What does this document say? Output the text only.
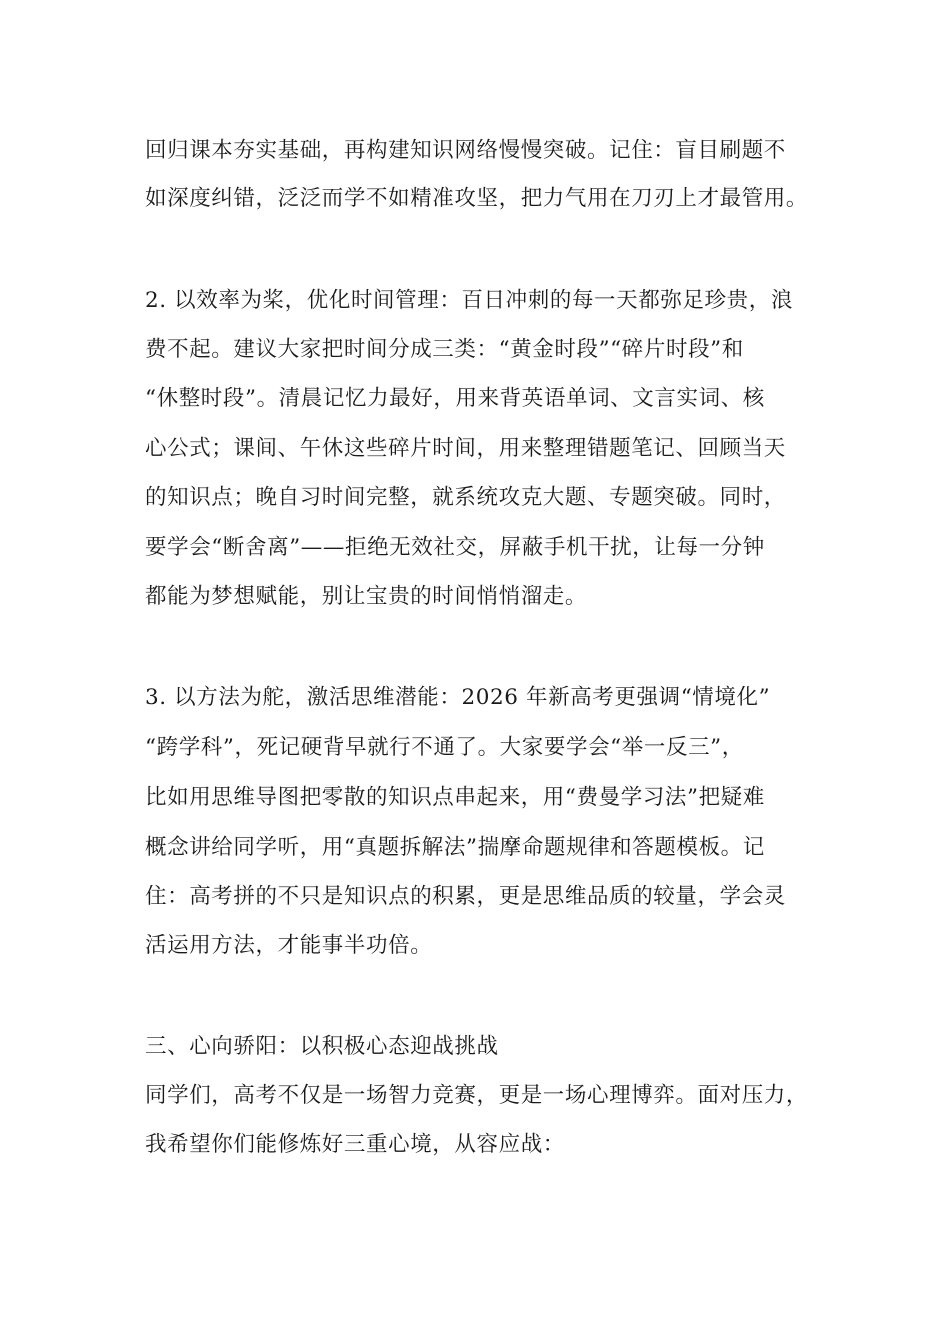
回归课本夯实基础，再构建知识网络慢慢突破。记住：盲目刷题不

如深度纠错，泛泛而学不如精准攻坚，把力气用在刀刃上才最管用。

2. 以效率为桨，优化时间管理：百日冲刺的每一天都弥足珍贵，浪

费不起。建议大家把时间分成三类：“黄金时段”“碎片时段”和

“休整时段”。清晨记忆力最好，用来背英语单词、文言实词、核

心公式；课间、午休这些碎片时间，用来整理错题笔记、回顾当天

的知识点；晚自习时间完整，就系统攻克大题、专题突破。同时，

要学会“断舍离”——拒绝无效社交，屏蔽手机干扰，让每一分钟

都能为梦想赋能，别让宝贵的时间悄悄溜走。

3. 以方法为舵，激活思维潜能：2026 年新高考更强调“情境化”

“跨学科”，死记硬背早就行不通了。大家要学会“举一反三”，

比如用思维导图把零散的知识点串起来，用“费曼学习法”把疑难

概念讲给同学听，用“真题拆解法”揣摩命题规律和答题模板。记

住：高考拼的不只是知识点的积累，更是思维品质的较量，学会灵

活运用方法，才能事半功倍。

三、心向骄阳：以积极心态迎战挑战

同学们，高考不仅是一场智力竞赛，更是一场心理博弈。面对压力，

我希望你们能修炼好三重心境，从容应战：
